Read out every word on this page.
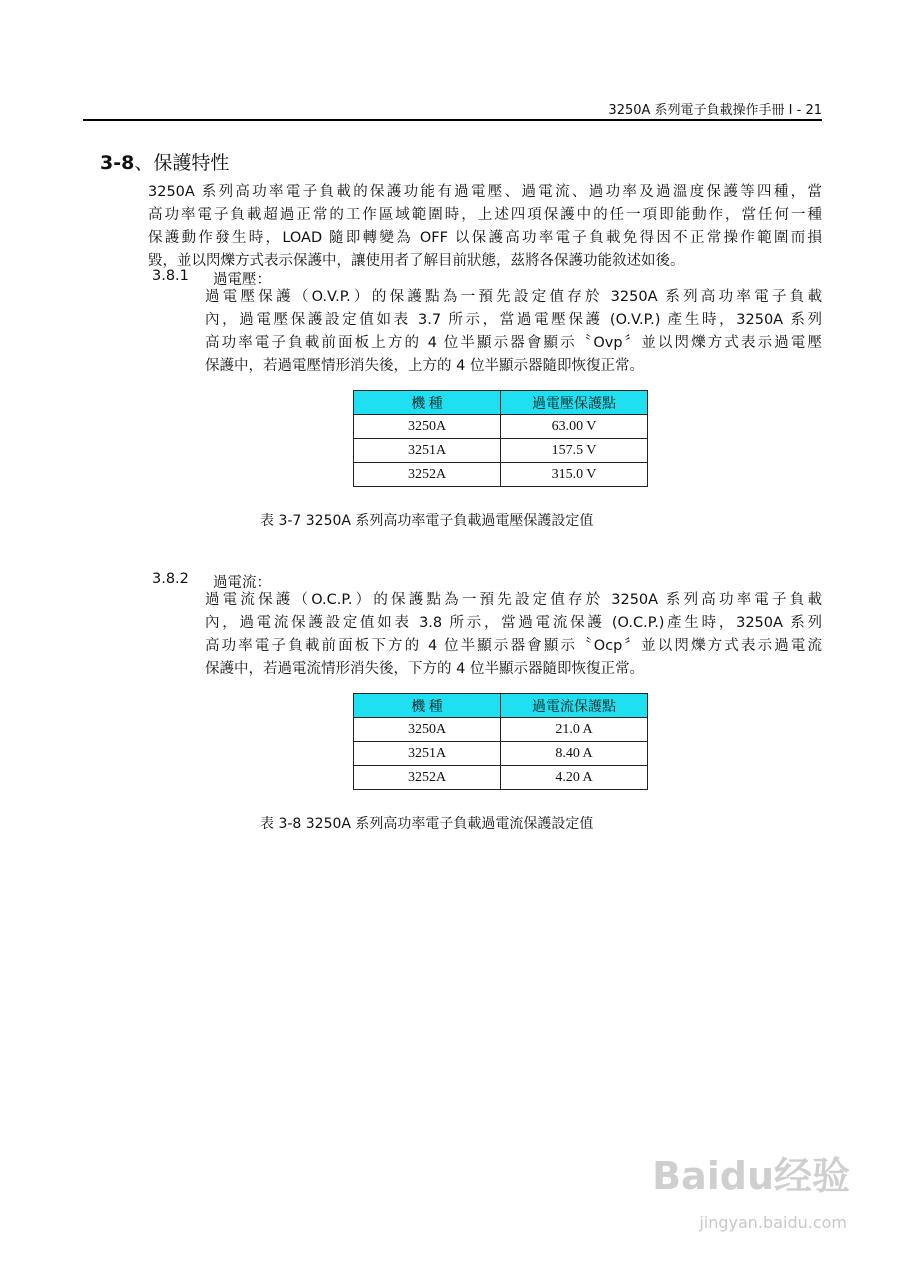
3250A 系列電子負載操作手冊 I - 21
3-8、保護特性
3250A 系列高功率電子負載的保護功能有過電壓、過電流、過功率及過溫度保護等四種，當
高功率電子負載超過正常的工作區域範圍時，上述四項保護中的任一項即能動作，當任何一種
保護動作發生時，LOAD 隨即轉變為 OFF 以保護高功率電子負載免得因不正常操作範圍而損
毀，並以閃爍方式表示保護中，讓使用者了解目前狀態，茲將各保護功能敘述如後。
3.8.1 過電壓：
過電壓保護（O.V.P.）的保護點為一預先設定值存於 3250A 系列高功率電子負載
內，過電壓保護設定值如表 3.7 所示，當過電壓保護 (O.V.P.) 產生時，3250A 系列
高功率電子負載前面板上方的 4 位半顯示器會顯示〝Ovp〞並以閃爍方式表示過電壓
保護中，若過電壓情形消失後，上方的 4 位半顯示器隨即恢復正常。
機 種	過電壓保護點
3250A	63.00 V
3251A	157.5 V
3252A	315.0 V
表 3-7 3250A 系列高功率電子負載過電壓保護設定值
3.8.2 過電流：
過電流保護（O.C.P.）的保護點為一預先設定值存於 3250A 系列高功率電子負載
內，過電流保護設定值如表 3.8 所示，當過電流保護 (O.C.P.)產生時，3250A 系列
高功率電子負載前面板下方的 4 位半顯示器會顯示〝Ocp〞並以閃爍方式表示過電流
保護中，若過電流情形消失後，下方的 4 位半顯示器隨即恢復正常。
機 種	過電流保護點
3250A	21.0 A
3251A	8.40 A
3252A	4.20 A
表 3-8 3250A 系列高功率電子負載過電流保護設定值
Baidu经验
jingyan.baidu.com
